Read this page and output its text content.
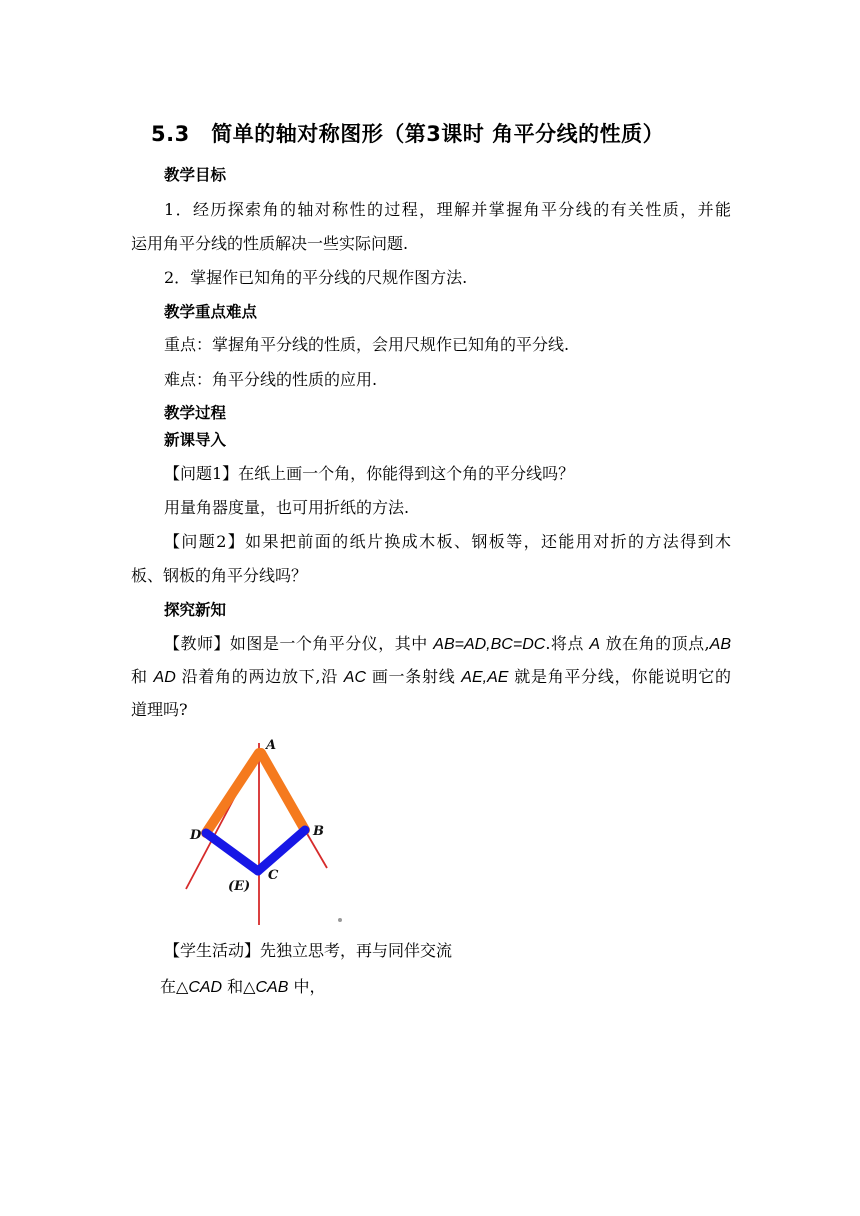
5.3　简单的轴对称图形（第3课时 角平分线的性质）
教学目标
1．经历探索角的轴对称性的过程，理解并掌握角平分线的有关性质，并能
运用角平分线的性质解决一些实际问题.
2．掌握作已知角的平分线的尺规作图方法.
教学重点难点
重点：掌握角平分线的性质，会用尺规作已知角的平分线.
难点：角平分线的性质的应用.
教学过程
新课导入
【问题1】在纸上画一个角，你能得到这个角的平分线吗？
用量角器度量，也可用折纸的方法.
【问题2】如果把前面的纸片换成木板、钢板等，还能用对折的方法得到木
板、钢板的角平分线吗？
探究新知
【教师】如图是一个角平分仪，其中 AB=AD,BC=DC.将点 A 放在角的顶点,AB
和 AD 沿着角的两边放下,沿 AC 画一条射线 AE,AE 就是角平分线，你能说明它的
道理吗?
A
B
C
D
(E)
【学生活动】先独立思考，再与同伴交流
在△CAD 和△CAB 中，
